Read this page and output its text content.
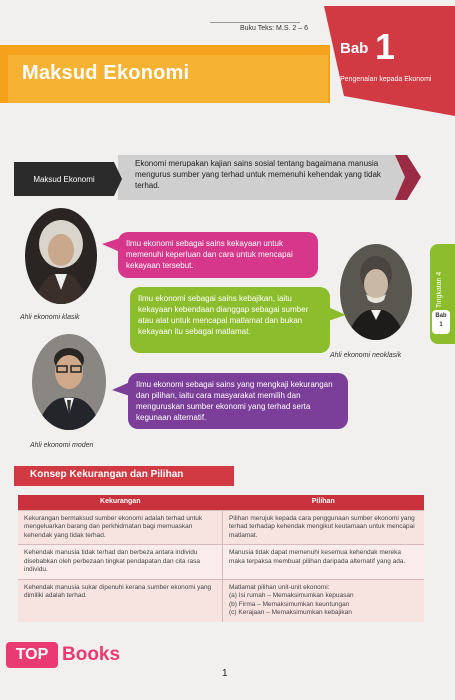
Buku Teks: M.S. 2 – 6
Maksud Ekonomi
Bab 1
Pengenalan kepada Ekonomi
Maksud Ekonomi
Ekonomi merupakan kajian sains sosial tentang bagaimana manusia mengurus sumber yang terhad untuk memenuhi kehendak yang tidak terhad.
Ahli ekonomi klasik
Ahli ekonomi neoklasik
Ahli ekonomi moden
Ilmu ekonomi sebagai sains kekayaan untuk memenuhi keperluan dan cara untuk mencapai kekayaan tersebut.
Ilmu ekonomi sebagai sains kebajikan, iaitu kekayaan kebendaan dianggap sebagai sumber atau alat untuk mencapai matlamat dan bukan kekayaan itu sebagai matlamat.
Ilmu ekonomi sebagai sains yang mengkaji kekurangan dan pilihan, iaitu cara masyarakat memilih dan menguruskan sumber ekonomi yang terhad serta kegunaan alternatif.
Tingkatan 4
Bab
1
Konsep Kekurangan dan Pilihan
Kekurangan	Pilihan
Kekurangan bermaksud sumber ekonomi adalah terhad untuk mengeluarkan barang dan perkhidmatan bagi memuaskan kehendak yang tidak terhad.	Pilihan merujuk kepada cara penggunaan sumber ekonomi yang terhad terhadap kehendak mengikut keutamaan untuk mencapai matlamat.
Kehendak manusia tidak terhad dan berbeza antara individu disebabkan oleh perbezaan tingkat pendapatan dan cita rasa individu.	Manusia tidak dapat memenuhi kesemua kehendak mereka maka terpaksa membuat pilihan daripada alternatif yang ada.
Kehendak manusia sukar dipenuhi kerana sumber ekonomi yang dimiliki adalah terhad.	Matlamat pilihan unit-unit ekonomi:
(a) Isi rumah – Memaksimumkan kepuasan
(b) Firma – Memaksimumkan keuntungan
(c) Kerajaan – Memaksimumkan kebajikan
TOP Books
1
